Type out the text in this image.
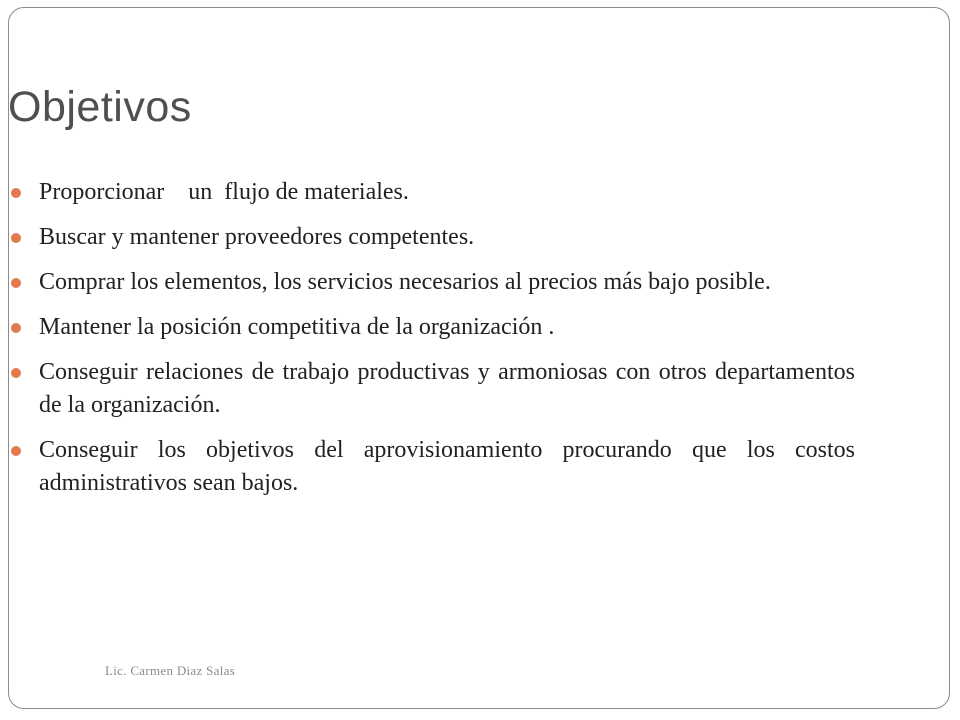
Objetivos
Proporcionar    un  flujo de materiales.
Buscar y mantener proveedores competentes.
Comprar los elementos, los servicios necesarios al precios más bajo posible.
Mantener la posición competitiva de la organización .
Conseguir relaciones de trabajo productivas y armoniosas con otros departamentos de la organización.
Conseguir los objetivos del aprovisionamiento procurando que los costos administrativos sean bajos.
Lic. Carmen Diaz Salas
